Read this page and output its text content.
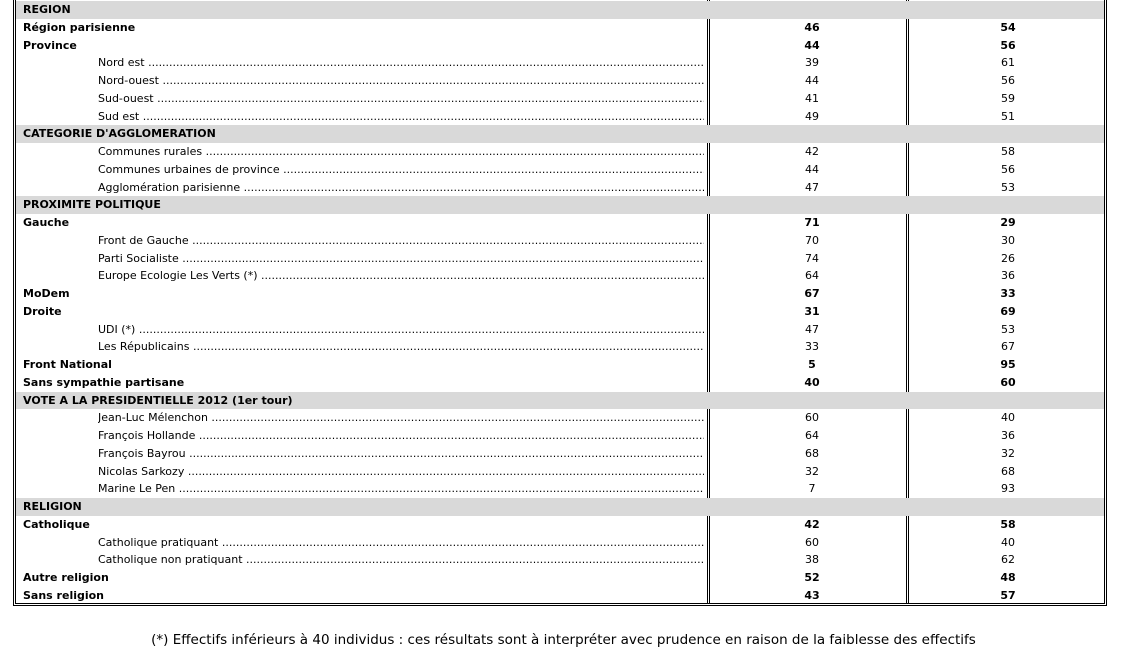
REGION
Région parisienne	46	54
Province	44	56
Nord est .....	39	61
Nord-ouest .....	44	56
Sud-ouest .....	41	59
Sud est .....	49	51
CATEGORIE D'AGGLOMERATION
Communes rurales .....	42	58
Communes urbaines de province .....	44	56
Agglomération parisienne .....	47	53
PROXIMITE POLITIQUE
Gauche	71	29
Front de Gauche .....	70	30
Parti Socialiste .....	74	26
Europe Ecologie Les Verts (*) .....	64	36
MoDem	67	33
Droite	31	69
UDI (*) .....	47	53
Les Républicains .....	33	67
Front National	5	95
Sans sympathie partisane	40	60
VOTE A LA PRESIDENTIELLE 2012 (1er tour)
Jean-Luc Mélenchon .....	60	40
François Hollande .....	64	36
François Bayrou .....	68	32
Nicolas Sarkozy .....	32	68
Marine Le Pen .....	7	93
RELIGION
Catholique	42	58
Catholique pratiquant .....	60	40
Catholique non pratiquant .....	38	62
Autre religion	52	48
Sans religion	43	57
(*) Effectifs inférieurs à 40 individus : ces résultats sont à interpréter avec prudence en raison de la faiblesse des effectifs
